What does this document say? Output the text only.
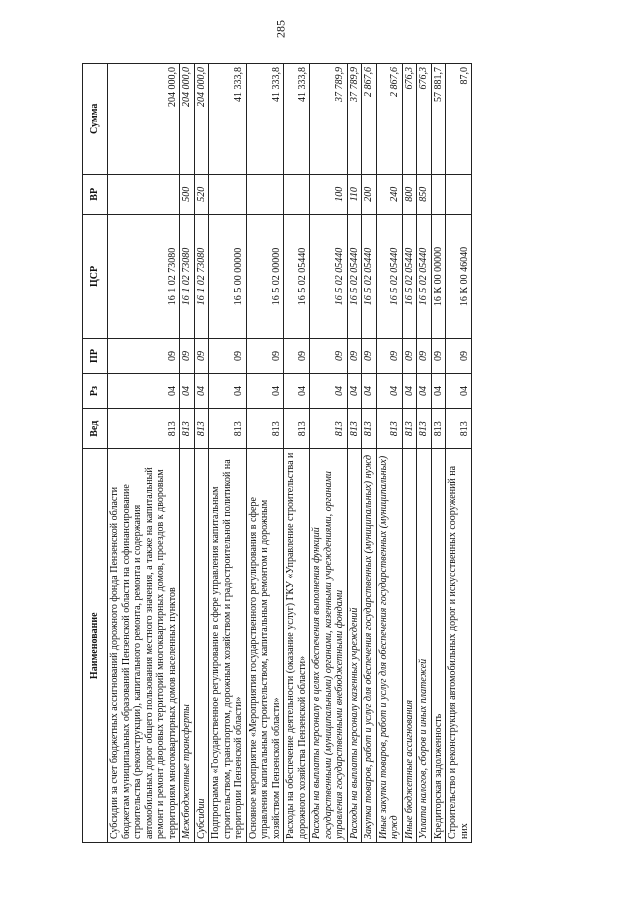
285
Наименование	Вед	Рз	ПР	ЦСР	ВР	Сумма
Субсидии за счет бюджетных ассигнований дорожного фонда Пензенской области бюджетам муниципальных образований Пензенской области на софинансирование строительства (реконструкции), капитального ремонта, ремонта и содержания автомобильных дорог общего пользования местного значения, а также на капитальный ремонт и ремонт дворовых территорий многоквартирных домов, проездов к дворовым территориям многоквартирных домов населенных пунктов	813	04	09	16 1 02 73080		204 000,0
Межбюджетные трансферты	813	04	09	16 1 02 73080	500	204 000,0
Субсидии	813	04	09	16 1 02 73080	520	204 000,0
Подпрограмма «Государственное регулирование в сфере управления капитальным строительством, транспортом, дорожным хозяйством и градостроительной политикой на территории Пензенской области»	813	04	09	16 5 00 00000		41 333,8
Основное мероприятие «Мероприятия государственного регулирования в сфере управления капитальным строительством, капитальным ремонтом и дорожным хозяйством Пензенской области»	813	04	09	16 5 02 00000		41 333,8
Расходы на обеспечение деятельности (оказание услуг) ГКУ «Управление строительства и дорожного хозяйства Пензенской области»	813	04	09	16 5 02 05440		41 333,8
Расходы на выплаты персоналу в целях обеспечения выполнения функций государственными (муниципальными) органами, казенными учреждениями, органами управления государственными внебюджетными фондами	813	04	09	16 5 02 05440	100	37 789,9
Расходы на выплаты персоналу казенных учреждений	813	04	09	16 5 02 05440	110	37 789,9
Закупка товаров, работ и услуг для обеспечения государственных (муниципальных) нужд	813	04	09	16 5 02 05440	200	2 867,6
Иные закупки товаров, работ и услуг для обеспечения государственных (муниципальных) нужд	813	04	09	16 5 02 05440	240	2 867,6
Иные бюджетные ассигнования	813	04	09	16 5 02 05440	800	676,3
Уплата налогов, сборов и иных платежей	813	04	09	16 5 02 05440	850	676,3
Кредиторская задолженность	813	04	09	16 К 00 00000		57 881,7
Строительство и реконструкция автомобильных дорог и искусственных сооружений на них	813	04	09	16 К 00 46040		87,0
